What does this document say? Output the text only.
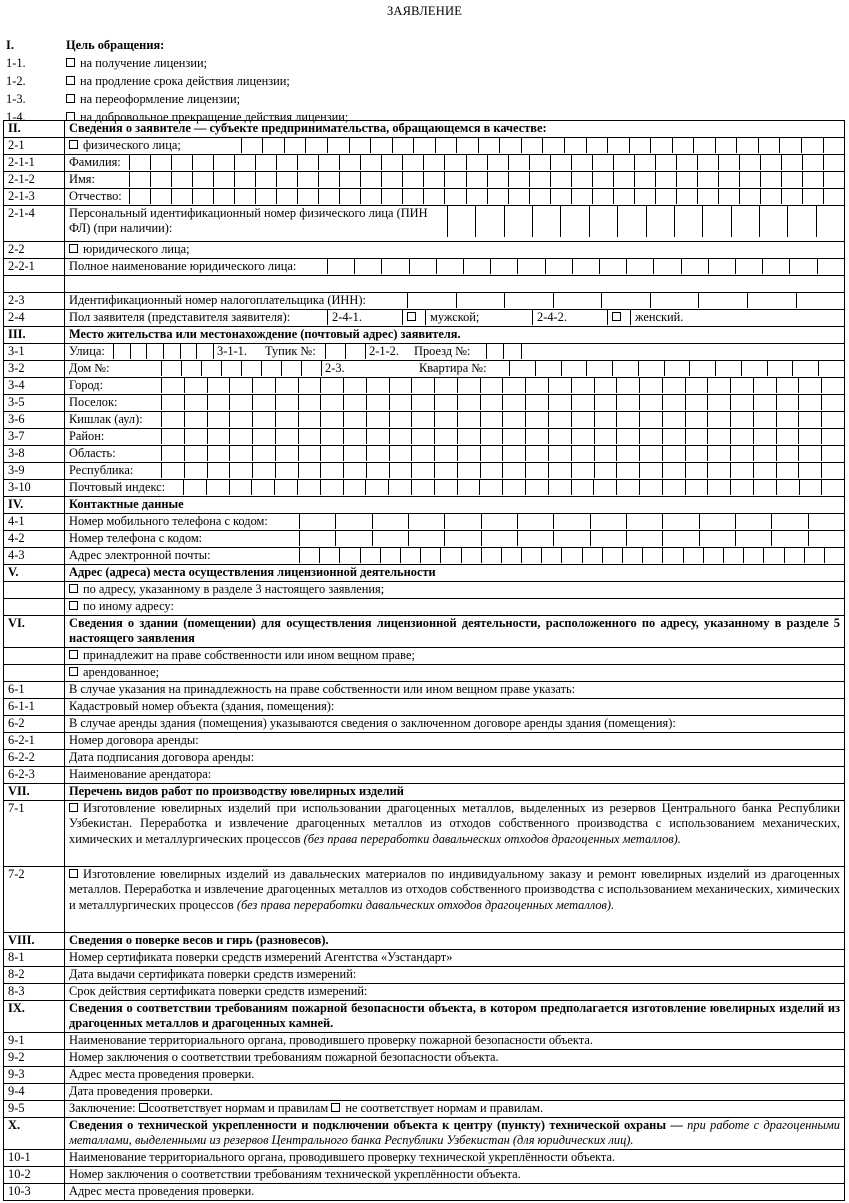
ЗАЯВЛЕНИЕ
I.	Цель обращения:
1-1.	на получение лицензии;
1-2.	на продление срока действия лицензии;
1-3.	на переоформление лицензии;
1-4.	на добровольное прекращение действия лицензии;
II.	Сведения о заявителе — субъекте предпринимательства, обращающемся в качестве:
2-1	физического лица;

2-1-1	Фамилия:

2-1-2	Имя:

2-1-3	Отчество:

2-1-4	Персональный идентификационный номер физического лица (ПИН ФЛ) (при наличии):

2-2	юридического лица;
2-2-1	Полное наименование юридического лица:

2-3	Идентификационный номер налогоплательщика (ИНН):

2-4	Пол заявителя (представителя заявителя): 2-4-1. мужской; 2-4-2. женский.

III.	Место жительства или местонахождение (почтовый адрес) заявителя.
3-1	Улица: 3-1-1. Тупик №: 2-1-2. Проезд №:

3-2	Дом №: 2-3. Квартира №:

3-4	Город:

3-5	Поселок:

3-6	Кишлак (аул):

3-7	Район:

3-8	Область:

3-9	Республика:

3-10	Почтовый индекс:

IV.	Контактные данные
4-1	Номер мобильного телефона с кодом:

4-2	Номер телефона с кодом:

4-3	Адрес электронной почты:

V.	Адрес (адреса) места осуществления лицензионной деятельности
	по адресу, указанному в разделе 3 настоящего заявления;
	по иному адресу:
VI.	Сведения о здании (помещении) для осуществления лицензионной деятельности, расположенного по адресу, указанному в разделе 5 настоящего заявления
	принадлежит на праве собственности или ином вещном праве;
	арендованное;
6-1	В случае указания на принадлежность на праве собственности или ином вещном праве указать:
6-1-1	Кадастровый номер объекта (здания, помещения):
6-2	В случае аренды здания (помещения) указываются сведения о заключенном договоре аренды здания (помещения):
6-2-1	Номер договора аренды:
6-2-2	Дата подписания договора аренды:
6-2-3	Наименование арендатора:
VII.	Перечень видов работ по производству ювелирных изделий
7-1	Изготовление ювелирных изделий при использовании драгоценных металлов, выделенных из резервов Центрального банка Республики Узбекистан. Переработка и извлечение драгоценных металлов из отходов собственного производства с использованием механических, химических и металлургических процессов (без права переработки давальческих отходов драгоценных металлов).
7-2	Изготовление ювелирных изделий из давальческих материалов по индивидуальному заказу и ремонт ювелирных изделий из драгоценных металлов. Переработка и извлечение драгоценных металлов из отходов собственного производства с использованием механических, химических и металлургических процессов (без права переработки давальческих отходов драгоценных металлов).
VIII.	Сведения о поверке весов и гирь (разновесов).
8-1	Номер сертификата поверки средств измерений Агентства «Узстандарт»
8-2	Дата выдачи сертификата поверки средств измерений:
8-3	Срок действия сертификата поверки средств измерений:
IX.	Сведения о соответствии требованиям пожарной безопасности объекта, в котором предполагается изготовление ювелирных изделий из драгоценных металлов и драгоценных камней.
9-1	Наименование территориального органа, проводившего проверку пожарной безопасности объекта.
9-2	Номер заключения о соответствии требованиям пожарной безопасности объекта.
9-3	Адрес места проведения проверки.
9-4	Дата проведения проверки.
9-5	Заключение: соответствует нормам и правилам не соответствует нормам и правилам.
X.	Сведения о технической укрепленности и подключении объекта к центру (пункту) технической охраны — при работе с драгоценными металлами, выделенными из резервов Центрального банка Республики Узбекистан (для юридических лиц).
10-1	Наименование территориального органа, проводившего проверку технической укреплённости объекта.
10-2	Номер заключения о соответствии требованиям технической укреплённости объекта.
10-3	Адрес места проведения проверки.
